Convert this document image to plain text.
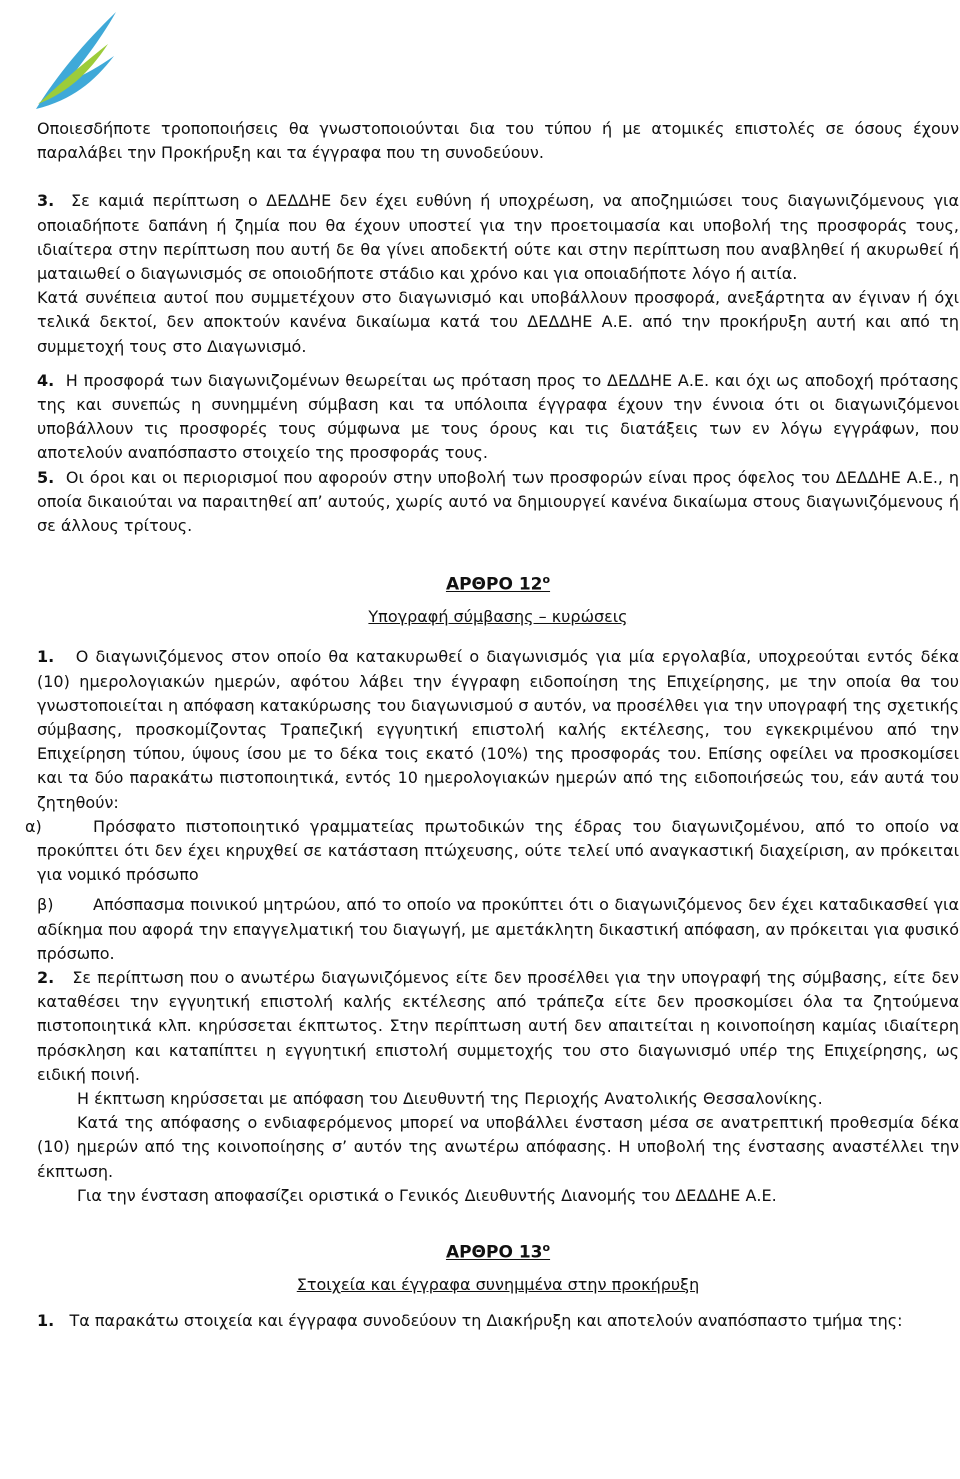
Οποιεσδήποτε τροποποιήσεις θα γνωστοποιούνται δια του τύπου ή με ατομικές επιστολές σε όσους έχουν παραλάβει την Προκήρυξη και τα έγγραφα που τη συνοδεύουν.

3. Σε καμιά περίπτωση ο ΔΕΔΔΗΕ δεν έχει ευθύνη ή υποχρέωση, να αποζημιώσει τους διαγωνιζόμενους για οποιαδήποτε δαπάνη ή ζημία που θα έχουν υποστεί για την προετοιμασία και υποβολή της προσφοράς τους, ιδιαίτερα στην περίπτωση που αυτή δε θα γίνει αποδεκτή ούτε και στην περίπτωση που αναβληθεί ή ακυρωθεί ή ματαιωθεί ο διαγωνισμός σε οποιοδήποτε στάδιο και χρόνο και για οποιαδήποτε λόγο ή αιτία.

Κατά συνέπεια αυτοί που συμμετέχουν στο διαγωνισμό και υποβάλλουν προσφορά, ανεξάρτητα αν έγιναν ή όχι τελικά δεκτοί, δεν αποκτούν κανένα δικαίωμα κατά του ΔΕΔΔΗΕ Α.Ε. από την προκήρυξη αυτή και από τη συμμετοχή τους στο Διαγωνισμό.

4. Η προσφορά των διαγωνιζομένων θεωρείται ως πρόταση προς το ΔΕΔΔΗΕ Α.Ε. και όχι ως αποδοχή πρότασης της και συνεπώς η συνημμένη σύμβαση και τα υπόλοιπα έγγραφα έχουν την έννοια ότι οι διαγωνιζόμενοι υποβάλλουν τις προσφορές τους σύμφωνα με τους όρους και τις διατάξεις των εν λόγω εγγράφων, που αποτελούν αναπόσπαστο στοιχείο της προσφοράς τους.

5. Οι όροι και οι περιορισμοί που αφορούν στην υποβολή των προσφορών είναι προς όφελος του ΔΕΔΔΗΕ Α.Ε., η οποία δικαιούται να παραιτηθεί απ’ αυτούς, χωρίς αυτό να δημιουργεί κανένα δικαίωμα στους διαγωνιζόμενους ή σε άλλους τρίτους.

ΑΡΘΡΟ $12^o$

Υπογραφή σύμβασης – κυρώσεις

1. Ο διαγωνιζόμενος στον οποίο θα κατακυρωθεί ο διαγωνισμός για μία εργολαβία, υποχρεούται εντός δέκα (10) ημερολογιακών ημερών, αφότου λάβει την έγγραφη ειδοποίηση της Επιχείρησης, με την οποία θα του γνωστοποιείται η απόφαση κατακύρωσης του διαγωνισμού σ αυτόν, να προσέλθει για την υπογραφή της σχετικής σύμβασης, προσκομίζοντας Τραπεζική εγγυητική επιστολή καλής εκτέλεσης, του εγκεκριμένου από την Επιχείρηση τύπου, ύψους ίσου με το δέκα τοις εκατό (10%) της προσφοράς του. Επίσης οφείλει να προσκομίσει και τα δύο παρακάτω πιστοποιητικά, εντός 10 ημερολογιακών ημερών από της ειδοποιήσεώς του, εάν αυτά του ζητηθούν:

α)	Πρόσφατο πιστοποιητικό γραμματείας πρωτοδικών της έδρας του διαγωνιζομένου, από το οποίο να προκύπτει ότι δεν έχει κηρυχθεί σε κατάσταση πτώχευσης, ούτε τελεί υπό αναγκαστική διαχείριση, αν πρόκειται για νομικό πρόσωπο

β) Απόσπασμα ποινικού μητρώου, από το οποίο να προκύπτει ότι ο διαγωνιζόμενος δεν έχει καταδικασθεί για αδίκημα που αφορά την επαγγελματική του διαγωγή, με αμετάκλητη δικαστική απόφαση, αν πρόκειται για φυσικό πρόσωπο.

2. Σε περίπτωση που ο ανωτέρω διαγωνιζόμενος είτε δεν προσέλθει για την υπογραφή της σύμβασης, είτε δεν καταθέσει την εγγυητική επιστολή καλής εκτέλεσης από τράπεζα είτε δεν προσκομίσει όλα τα ζητούμενα πιστοποιητικά κλπ. κηρύσσεται έκπτωτος. Στην περίπτωση αυτή δεν απαιτείται η κοινοποίηση καμίας ιδιαίτερη πρόσκληση και καταπίπτει η εγγυητική επιστολή συμμετοχής του στο διαγωνισμό υπέρ της Επιχείρησης, ως ειδική ποινή.

Η έκπτωση κηρύσσεται με απόφαση του Διευθυντή της Περιοχής Ανατολικής Θεσσαλονίκης.

Κατά της απόφασης ο ενδιαφερόμενος μπορεί να υποβάλλει ένσταση μέσα σε ανατρεπτική προθεσμία δέκα (10) ημερών από της κοινοποίησης σ’ αυτόν της ανωτέρω απόφασης. Η υποβολή της ένστασης αναστέλλει την έκπτωση.

Για την ένσταση αποφασίζει οριστικά ο Γενικός Διευθυντής Διανομής του ΔΕΔΔΗΕ Α.Ε.

ΑΡΘΡΟ $13^o$

Στοιχεία και έγγραφα συνημμένα στην προκήρυξη

1. Τα παρακάτω στοιχεία και έγγραφα συνοδεύουν τη Διακήρυξη και αποτελούν αναπόσπαστο τμήμα της:
